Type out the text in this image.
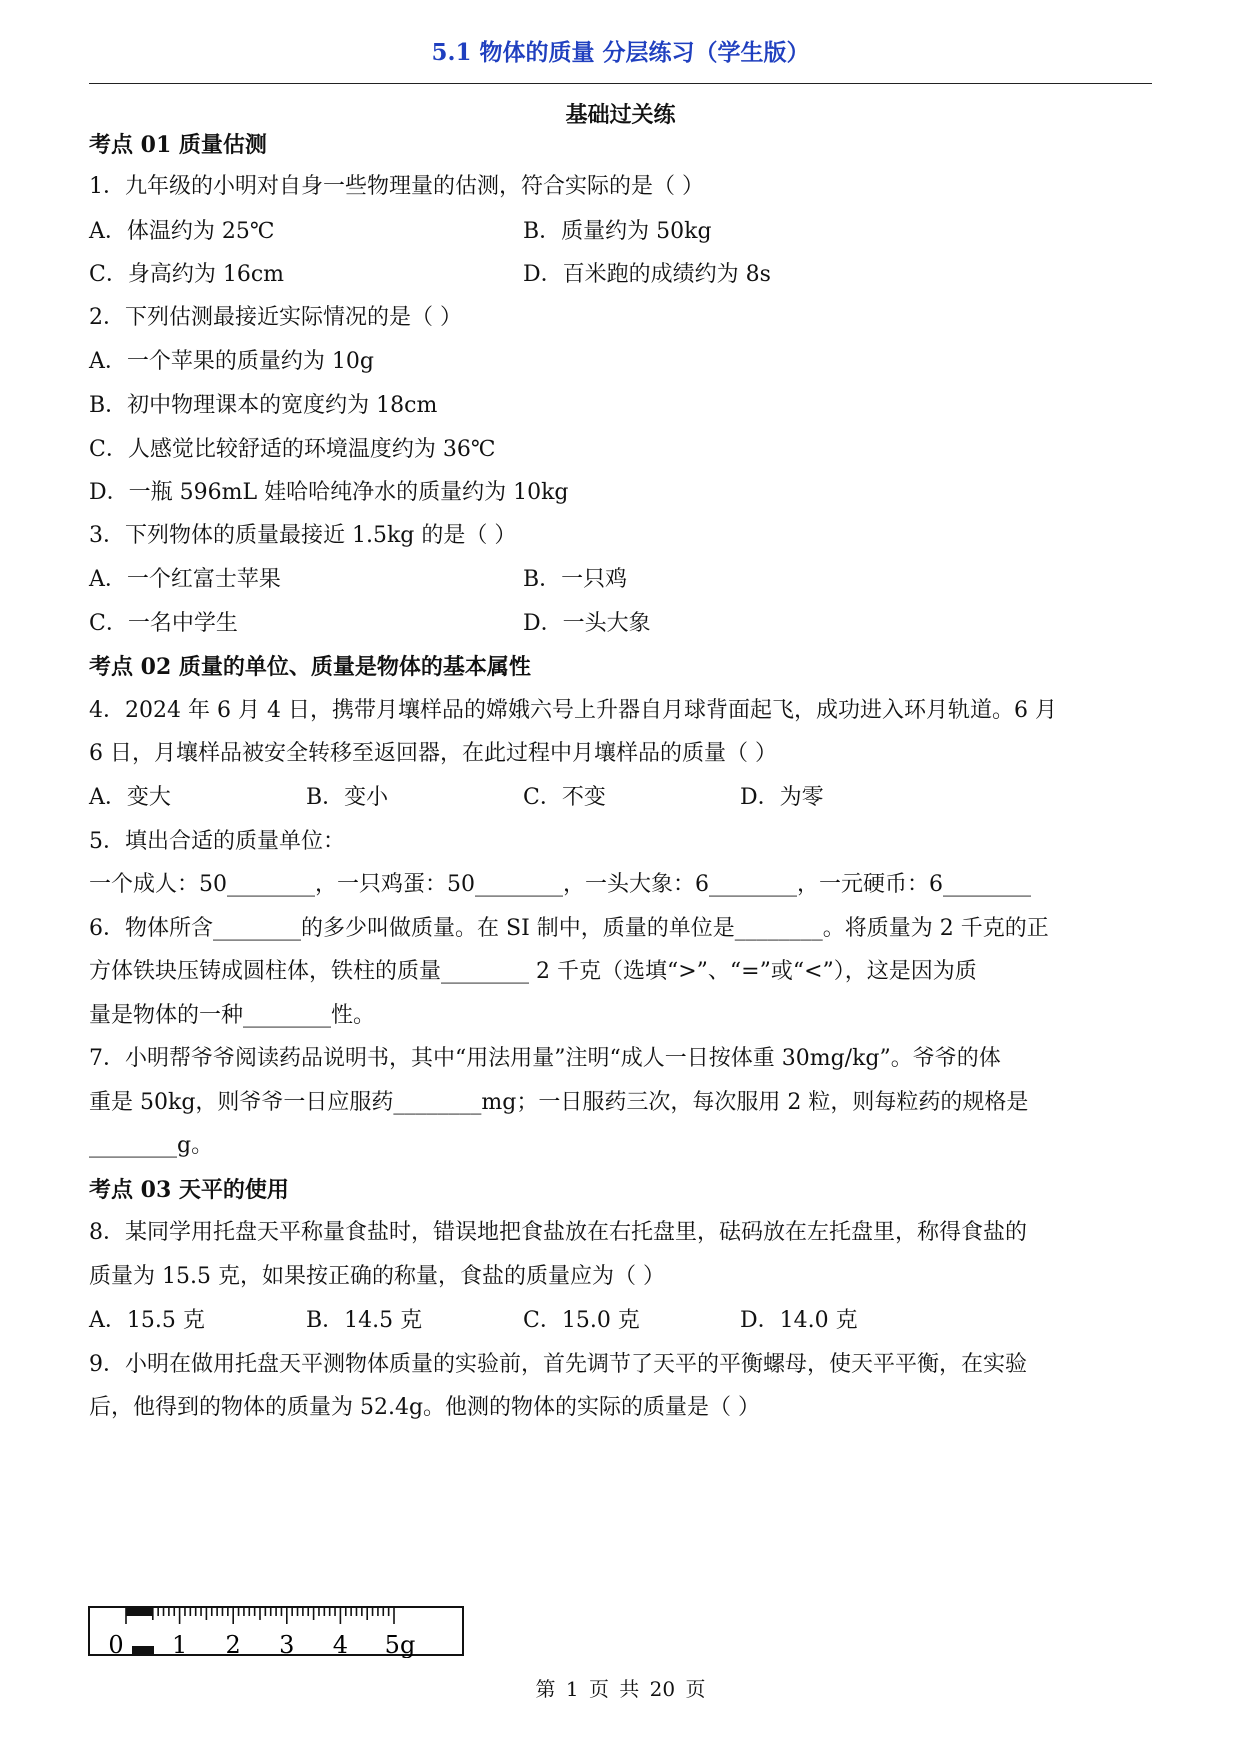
5.1 物体的质量 分层练习（学生版）
基础过关练
考点 01 质量估测
1．九年级的小明对自身一些物理量的估测，符合实际的是（ ）
A．体温约为 25℃	B．质量约为 50kg
C．身高约为 16cm	D．百米跑的成绩约为 8s
2．下列估测最接近实际情况的是（ ）
A．一个苹果的质量约为 10g
B．初中物理课本的宽度约为 18cm
C．人感觉比较舒适的环境温度约为 36℃
D．一瓶 596mL 娃哈哈纯净水的质量约为 10kg
3．下列物体的质量最接近 1.5kg 的是（ ）
A．一个红富士苹果	B．一只鸡
C．一名中学生	D．一头大象
考点 02 质量的单位、质量是物体的基本属性
4．2024 年 6 月 4 日，携带月壤样品的嫦娥六号上升器自月球背面起飞，成功进入环月轨道。6 月
6 日，月壤样品被安全转移至返回器，在此过程中月壤样品的质量（ ）
A．变大	B．变小	C．不变	D．为零
5．填出合适的质量单位：
一个成人：50________，一只鸡蛋：50________，一头大象：6________，一元硬币：6________
6．物体所含________的多少叫做质量。在 SI 制中，质量的单位是________。将质量为 2 千克的正
方体铁块压铸成圆柱体，铁柱的质量________ 2 千克（选填“>”、“=”或“<”），这是因为质
量是物体的一种________性。
7．小明帮爷爷阅读药品说明书，其中“用法用量”注明“成人一日按体重 30mg/kg”。爷爷的体
重是 50kg，则爷爷一日应服药________mg；一日服药三次，每次服用 2 粒，则每粒药的规格是
________g。
考点 03 天平的使用
8．某同学用托盘天平称量食盐时，错误地把食盐放在右托盘里，砝码放在左托盘里，称得食盐的
质量为 15.5 克，如果按正确的称量，食盐的质量应为（ ）
A．15.5 克	B．14.5 克	C．15.0 克	D．14.0 克
9．小明在做用托盘天平测物体质量的实验前，首先调节了天平的平衡螺母，使天平平衡，在实验
后，他得到的物体的质量为 52.4g。他测的物体的实际的质量是（ ）
0 1 2 3 4 5g
第 1 页 共 20 页
